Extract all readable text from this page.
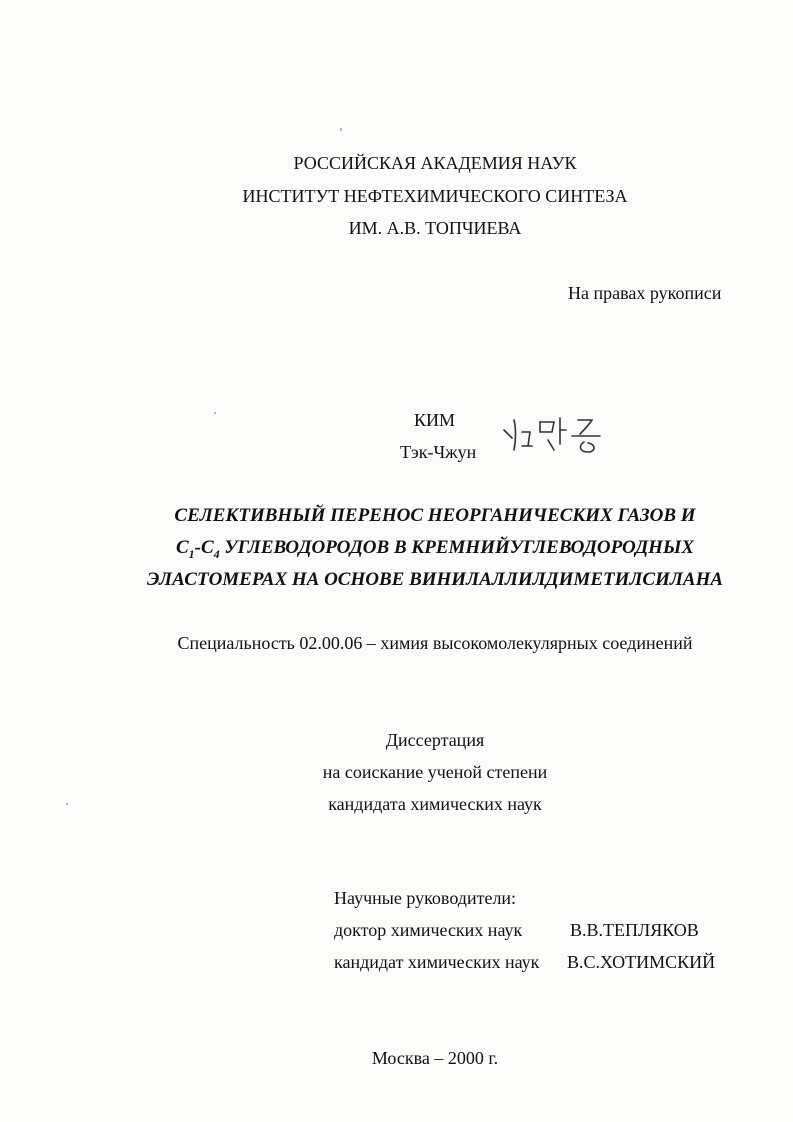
РОССИЙСКАЯ АКАДЕМИЯ НАУК
ИНСТИТУТ НЕФТЕХИМИЧЕСКОГО СИНТЕЗА
ИМ. А.В. ТОПЧИЕВА
На правах рукописи
КИМ
Тэк-Чжун
СЕЛЕКТИВНЫЙ ПЕРЕНОС НЕОРГАНИЧЕСКИХ ГАЗОВ И
$C_1-C_4$ УГЛЕВОДОРОДОВ В КРЕМНИЙУГЛЕВОДОРОДНЫХ
ЭЛАСТОМЕРАХ НА ОСНОВЕ ВИНИЛАЛЛИЛДИМЕТИЛСИЛАНА
Специальность 02.00.06 – химия высокомолекулярных соединений
Диссертация
на соискание ученой степени
кандидата химических наук
Научные руководители:
доктор химических наук	В.В.ТЕПЛЯКОВ
кандидат химических наук В.С.ХОТИМСКИЙ
Москва – 2000 г.
